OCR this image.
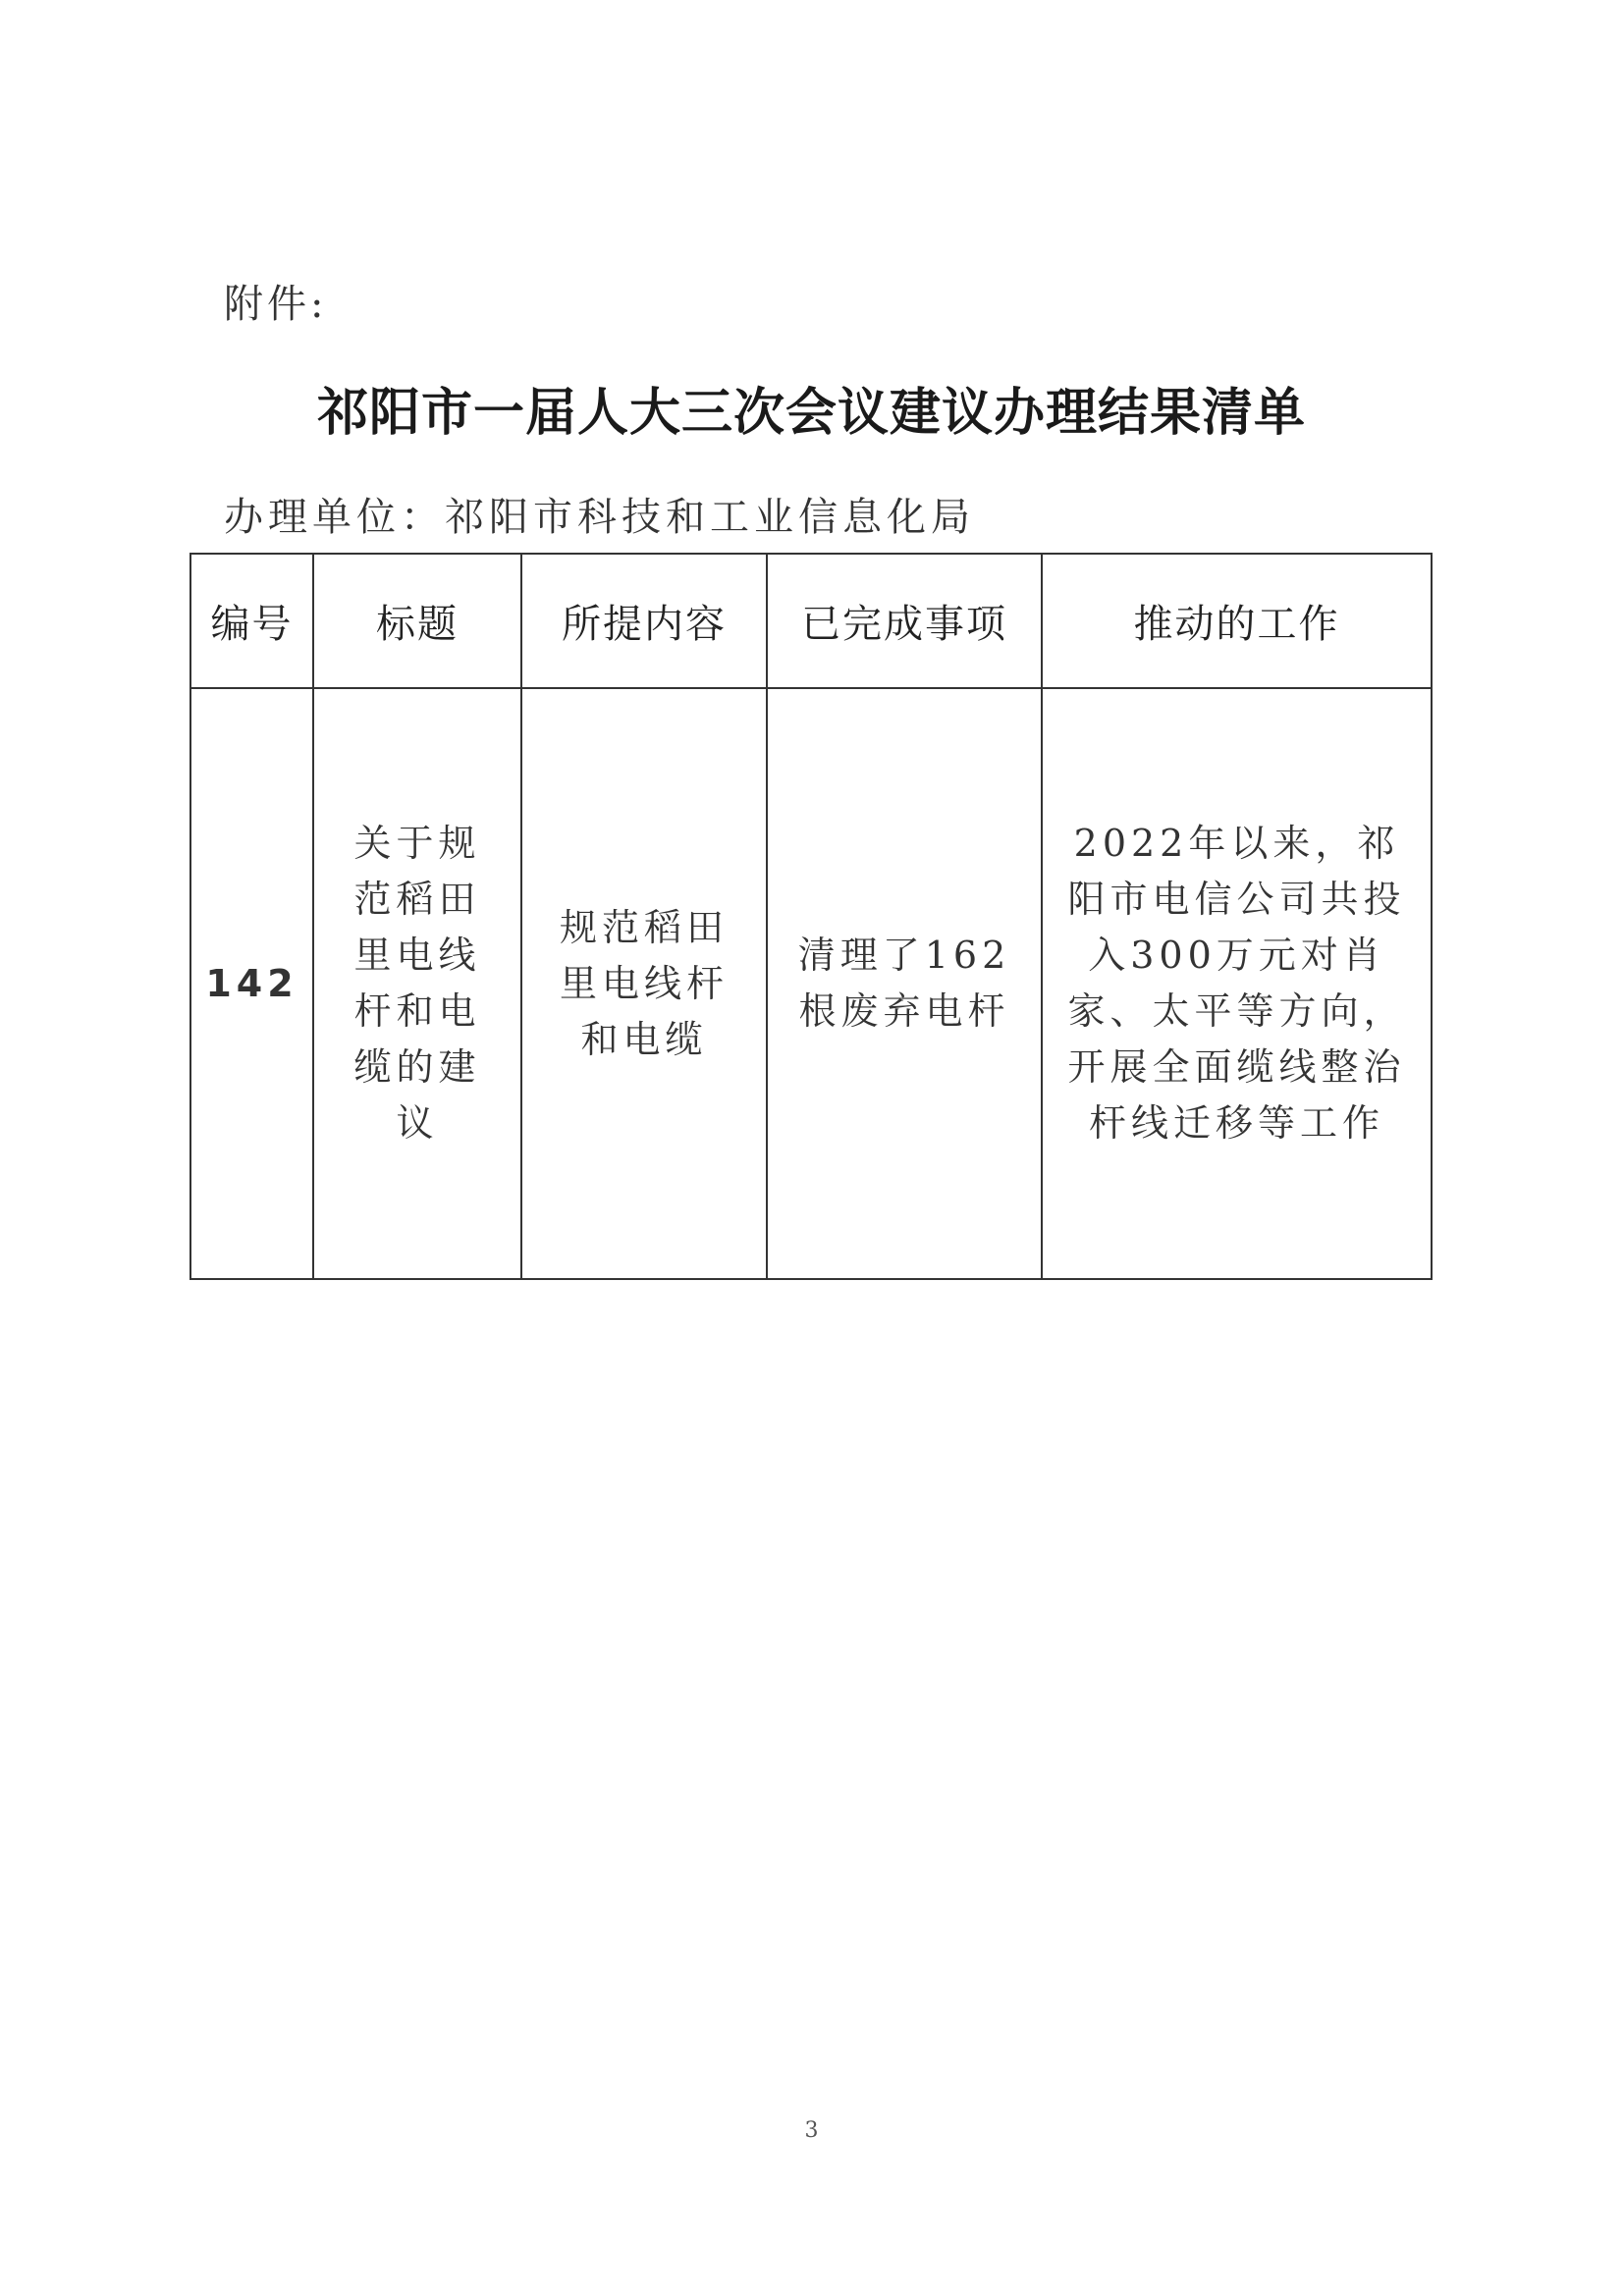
附件:
祁阳市一届人大三次会议建议办理结果清单
办理单位：祁阳市科技和工业信息化局
编号	标题	所提内容	已完成事项	推动的工作
142	关于规范稻田里电线杆和电缆的建议	规范稻田里电线杆和电缆	清理了162根废弃电杆	2022年以来，祁阳市电信公司共投入300万元对肖家、太平等方向，开展全面缆线整治杆线迁移等工作
3
